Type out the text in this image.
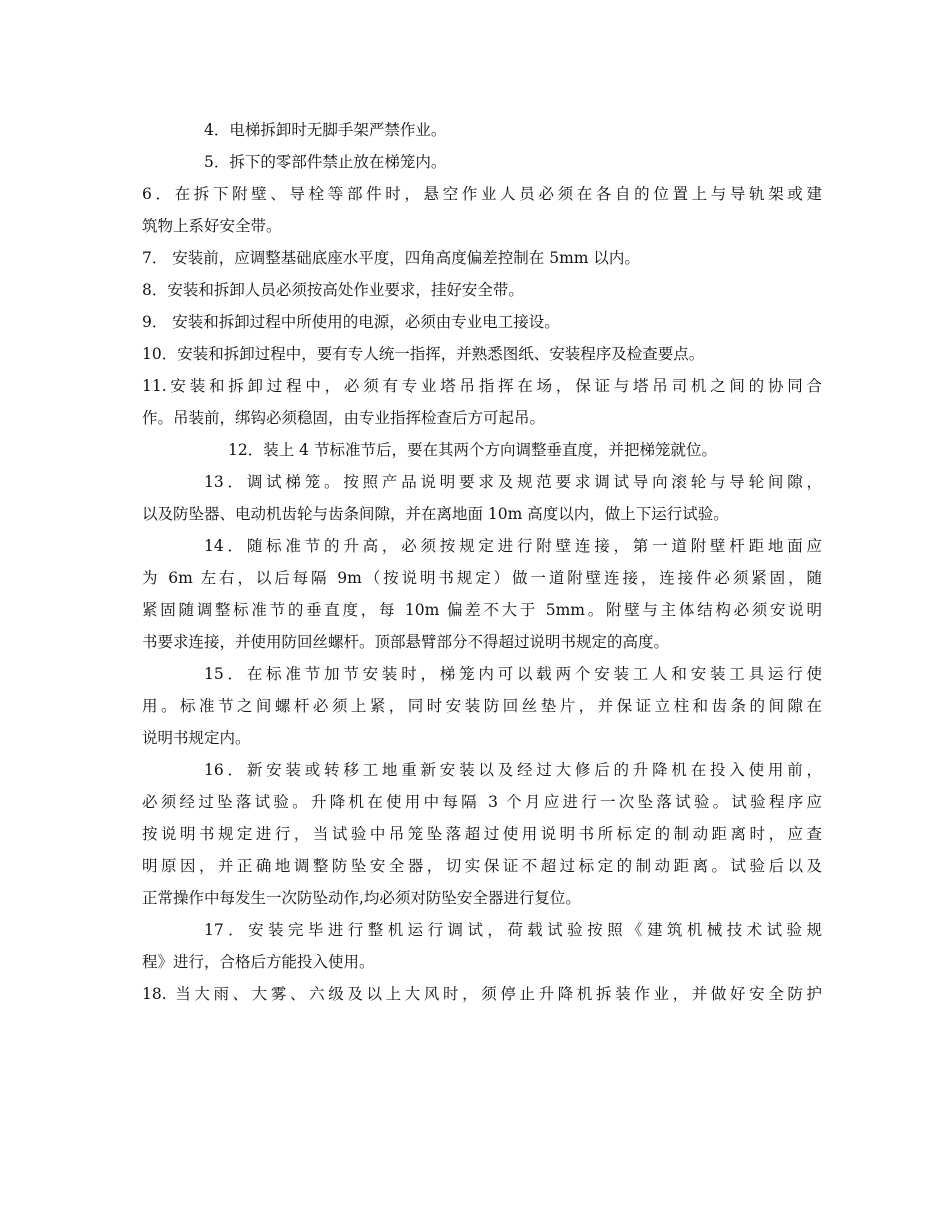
4．电梯拆卸时无脚手架严禁作业。
5．拆下的零部件禁止放在梯笼内。
6．在拆下附壁、导栓等部件时，悬空作业人员必须在各自的位置上与导轨架或建
筑物上系好安全带。
7． 安装前，应调整基础底座水平度，四角高度偏差控制在 5mm 以内。
8．安装和拆卸人员必须按高处作业要求，挂好安全带。
9． 安装和拆卸过程中所使用的电源，必须由专业电工接设。
10．安装和拆卸过程中，要有专人统一指挥，并熟悉图纸、安装程序及检查要点。
11.安装和拆卸过程中，必须有专业塔吊指挥在场，保证与塔吊司机之间的协同合
作。吊装前，绑钩必须稳固，由专业指挥检查后方可起吊。
12．装上 4 节标准节后，要在其两个方向调整垂直度，并把梯笼就位。
13．调试梯笼。按照产品说明要求及规范要求调试导向滚轮与导轮间隙，
以及防坠器、电动机齿轮与齿条间隙，并在离地面 10m 高度以内，做上下运行试验。
14．随标准节的升高，必须按规定进行附壁连接，第一道附壁杆距地面应
为 6m 左右，以后每隔 9m（按说明书规定）做一道附壁连接，连接件必须紧固，随
紧固随调整标准节的垂直度，每 10m 偏差不大于 5mm。附壁与主体结构必须安说明
书要求连接，并使用防回丝螺杆。顶部悬臂部分不得超过说明书规定的高度。
15．在标准节加节安装时，梯笼内可以载两个安装工人和安装工具运行使
用。标准节之间螺杆必须上紧，同时安装防回丝垫片，并保证立柱和齿条的间隙在
说明书规定内。
16．新安装或转移工地重新安装以及经过大修后的升降机在投入使用前，
必须经过坠落试验。升降机在使用中每隔 3 个月应进行一次坠落试验。试验程序应
按说明书规定进行，当试验中吊笼坠落超过使用说明书所标定的制动距离时，应查
明原因，并正确地调整防坠安全器，切实保证不超过标定的制动距离。试验后以及
正常操作中每发生一次防坠动作,均必须对防坠安全器进行复位。
17．安装完毕进行整机运行调试，荷载试验按照《建筑机械技术试验规
程》进行，合格后方能投入使用。
18. 当大雨、大雾、六级及以上大风时，须停止升降机拆装作业，并做好安全防护
